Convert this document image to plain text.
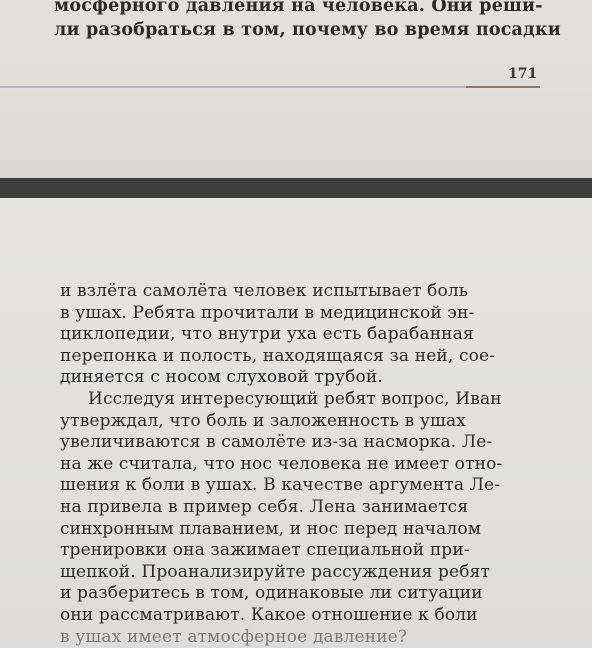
мосферного давления на человека. Они реши-
ли разобраться в том, почему во время посадки
171
и взлёта самолёта человек испытывает боль
в ушах. Ребята прочитали в медицинской эн-
циклопедии, что внутри уха есть барабанная
перепонка и полость, находящаяся за ней, сое-
диняется с носом слуховой трубой.
Исследуя интересующий ребят вопрос, Иван
утверждал, что боль и заложенность в ушах
увеличиваются в самолёте из-за насморка. Ле-
на же считала, что нос человека не имеет отно-
шения к боли в ушах. В качестве аргумента Ле-
на привела в пример себя. Лена занимается
синхронным плаванием, и нос перед началом
тренировки она зажимает специальной при-
щепкой. Проанализируйте рассуждения ребят
и разберитесь в том, одинаковые ли ситуации
они рассматривают. Какое отношение к боли
в ушах имеет атмосферное давление?
